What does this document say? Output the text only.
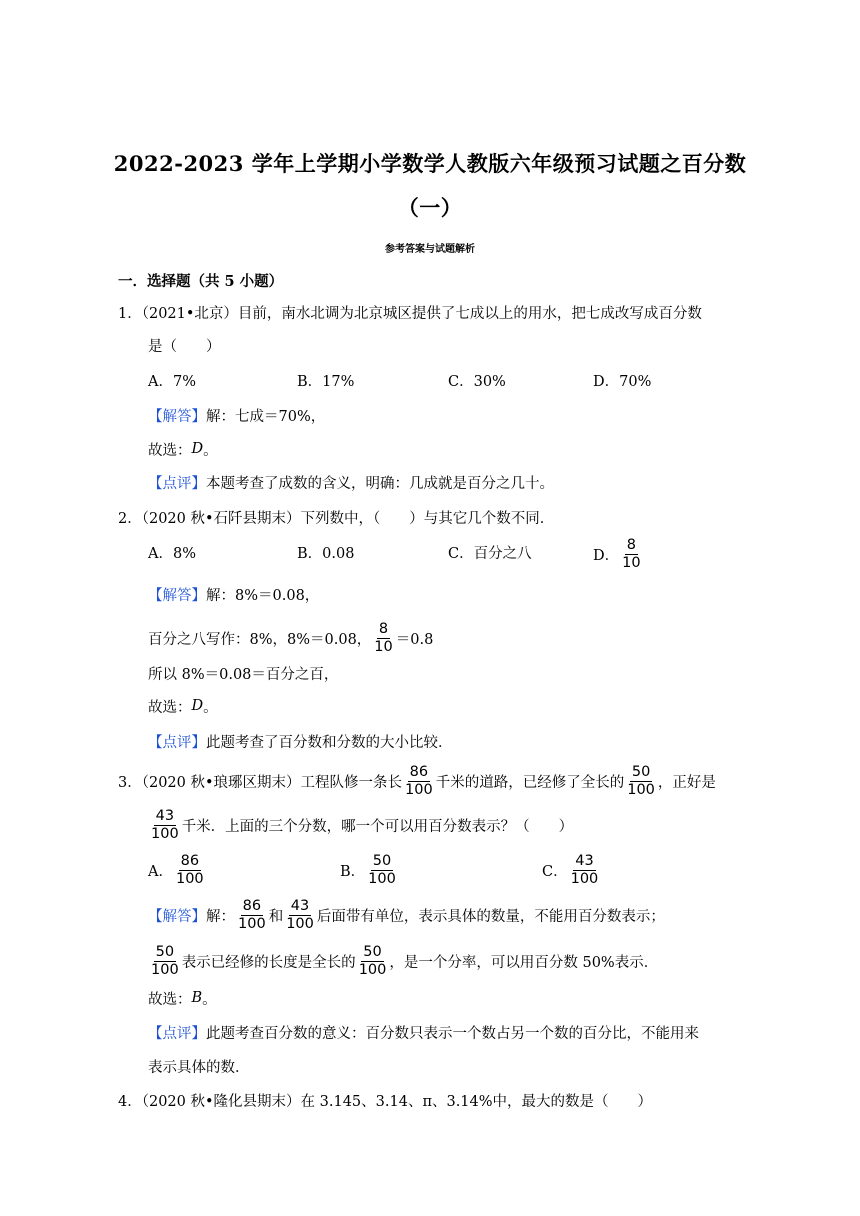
2022-2023 学年上学期小学数学人教版六年级预习试题之百分数
（一）
参考答案与试题解析
一．选择题（共 5 小题）
1．（2021•北京）目前，南水北调为北京城区提供了七成以上的用水，把七成改写成百分数
是（　　）
A．7%	B．17%	C．30%	D．70%
【解答】 解：七成＝70%，
故选： D 。
【点评】 本题考查了成数的含义，明确：几成就是百分之几十。
2．（2020 秋•石阡县期末）下列数中，（　　）与其它几个数不同．
A．8%	B．0.08	C．百分之八	D． $\frac{8}{10}$
【解答】 解：8%＝0.08，
百分之八写作：8%，8%＝0.08， $\frac{8}{10} =0.8$
所以 8%＝0.08＝百分之百，
故选： D 。
【点评】 此题考查了百分数和分数的大小比较．
3．（2020 秋•琅琊区期末）工程队修一条长 $\frac{86}{100}$ 千米的道路，已经修了全长的 $\frac{50}{100}$ ，正好是
$\frac{43}{100}$ 千米．上面的三个分数，哪一个可以用百分数表示？（　　）
A． $\frac{86}{100}$	B． $\frac{50}{100}$	C． $\frac{43}{100}$
【解答】 解： $\frac{86}{100}$ 和 $\frac{43}{100}$ 后面带有单位，表示具体的数量，不能用百分数表示；
$\frac{50}{100}$ 表示已经修的长度是全长的 $\frac{50}{100}$ ，是一个分率，可以用百分数 50%表示．
故选： B 。
【点评】 此题考查百分数的意义：百分数只表示一个数占另一个数的百分比，不能用来
表示具体的数．
4．（2020 秋•隆化县期末）在 3.145、3.14、π、3.14%中，最大的数是（　　）
